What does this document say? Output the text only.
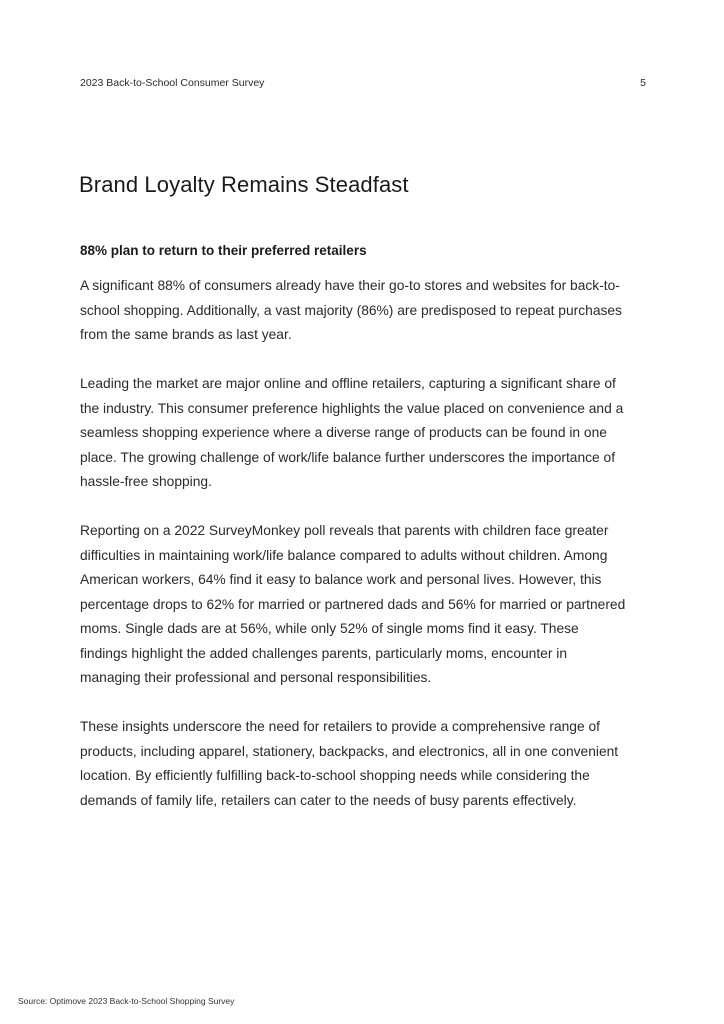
2023 Back-to-School Consumer Survey	5
Brand Loyalty Remains Steadfast
88% plan to return to their preferred retailers

A significant 88% of consumers already have their go-to stores and websites for back-to-school shopping. Additionally, a vast majority (86%) are predisposed to repeat purchases from the same brands as last year.

Leading the market are major online and offline retailers, capturing a significant share of the industry. This consumer preference highlights the value placed on convenience and a seamless shopping experience where a diverse range of products can be found in one place. The growing challenge of work/life balance further underscores the importance of hassle-free shopping.

Reporting on a 2022 SurveyMonkey poll reveals that parents with children face greater difficulties in maintaining work/life balance compared to adults without children. Among American workers, 64% find it easy to balance work and personal lives. However, this percentage drops to 62% for married or partnered dads and 56% for married or partnered moms. Single dads are at 56%, while only 52% of single moms find it easy. These findings highlight the added challenges parents, particularly moms, encounter in managing their professional and personal responsibilities.

These insights underscore the need for retailers to provide a comprehensive range of products, including apparel, stationery, backpacks, and electronics, all in one convenient location. By efficiently fulfilling back-to-school shopping needs while considering the demands of family life, retailers can cater to the needs of busy parents effectively.

Source: Optimove 2023 Back-to-School Shopping Survey
